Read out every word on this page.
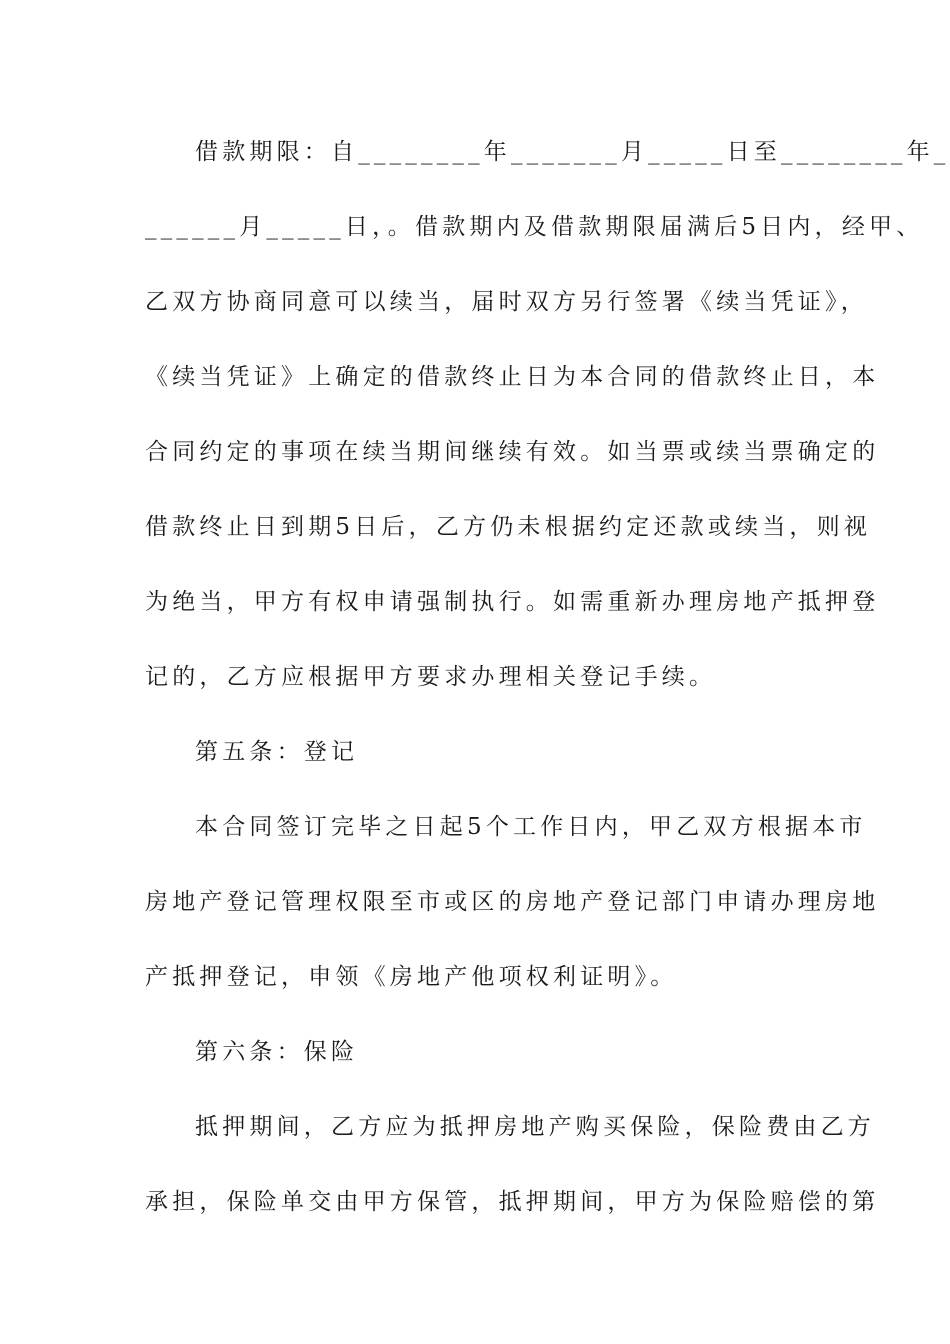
借款期限：自________年_______月_____日至________年_
______月_____日，。借款期内及借款期限届满后5日内，经甲、
乙双方协商同意可以续当，届时双方另行签署《续当凭证》，
《续当凭证》上确定的借款终止日为本合同的借款终止日，本
合同约定的事项在续当期间继续有效。如当票或续当票确定的
借款终止日到期5日后，乙方仍未根据约定还款或续当，则视
为绝当，甲方有权申请强制执行。如需重新办理房地产抵押登
记的，乙方应根据甲方要求办理相关登记手续。
第五条：登记
本合同签订完毕之日起5个工作日内，甲乙双方根据本市
房地产登记管理权限至市或区的房地产登记部门申请办理房地
产抵押登记，申领《房地产他项权利证明》。
第六条：保险
抵押期间，乙方应为抵押房地产购买保险，保险费由乙方
承担，保险单交由甲方保管，抵押期间，甲方为保险赔偿的第
